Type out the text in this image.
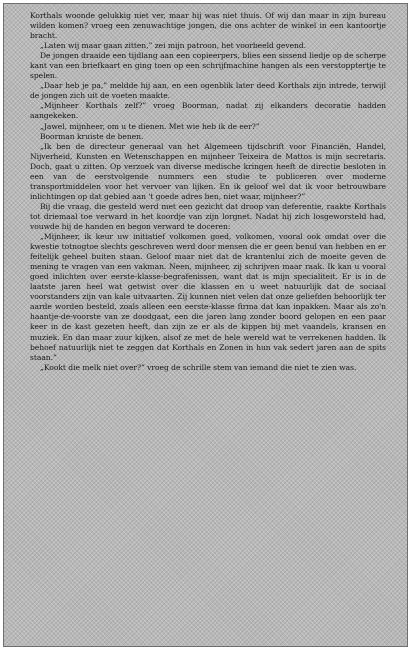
Korthals woonde gelukkig niet ver, maar hij was niet thuis. Of wij dan maar in zijn bureau wilden komen? vroeg een zenuwachtige jongen, die ons achter de winkel in een kantoortje bracht.

„Laten wij maar gaan zitten,” zei mijn patroon, het voorbeeld gevend.

De jongen draaide een tijdlang aan een copieerpers, blies een sissend liedje op de scherpe kant van een briefkaart en ging toen op een schrijfmachine hangen als een verstopptertje te spelen.

„Daar heb je pa,” meldde hij aan, en een ogenblik later deed Korthals zijn intrede, terwijl de jongen zich uit de voeten maakte.

„Mijnheer Korthals zelf?” vroeg Boorman, nadat zij elkanders decoratie hadden aangekeken.

„Jawel, mijnheer, om u te dienen. Met wie heb ik de eer?”

Boorman kruiste de benen.

„Ik ben de directeur generaal van het Algemeen tijdschrift voor Financiën, Handel, Nijverheid, Kunsten en Wetenschappen en mijnheer Teixeira de Mattos is mijn secretaris. Doch, gaat u zitten. Op verzoek van diverse medische kringen heeft de directie besloten in een van de eerstvolgende nummers een studie te publiceren over moderne transportmiddelen voor het vervoer van lijken. En ik geloof wel dat ik voor betrouwbare inlichtingen op dat gebied aan 't goede adres ben, niet waar, mijnheer?”

Bij die vraag, die gesteld werd met een gezicht dat droop van deferentie, raakte Korthals tot driemaal toe verward in het koordje van zijn lorgnet. Nadat hij zich losgeworsteld had, vouwde hij de handen en begon verward te doceren:

„Mijnheer, ik keur uw initiatief volkomen goed, volkomen, vooral ook omdat over die kwestie totnogtoe slechts geschreven werd door mensen die er geen benul van hebben en er feitelijk geheel buiten staan. Geloof maar niet dat de krantenlui zich de moeite geven de mening te vragen van een vakman. Neen, mijnheer, zij schrijven maar raak. Ik kan u vooral goed inlichten over eerste-klasse-begrafenissen, want dat is mijn specialiteit. Er is in de laatste jaren heel wat getwist over die klassen en u weet natuurlijk dat de sociaal voorstanders zijn van kale uitvaarten. Zij kunnen niet velen dat onze geliefden behoorlijk ter aarde worden besteld, zoals alleen een eerste-klasse firma dat kan inpakken. Maar als zo'n haantje-de-voorste van ze doodgaat, een die jaren lang zonder boord gelopen en een paar keer in de kast gezeten heeft, dan zijn ze er als de kippen bij met vaandels, kransen en muziek. En dan maar zuur kijken, alsof ze met de hele wereld wat te verrekenen hadden. Ik behoef natuurlijk niet te zeggen dat Korthals en Zonen in hun vak sedert jaren aan de spits staan.”

„Kookt die melk niet over?” vroeg de schrille stem van iemand die niet te zien was.
